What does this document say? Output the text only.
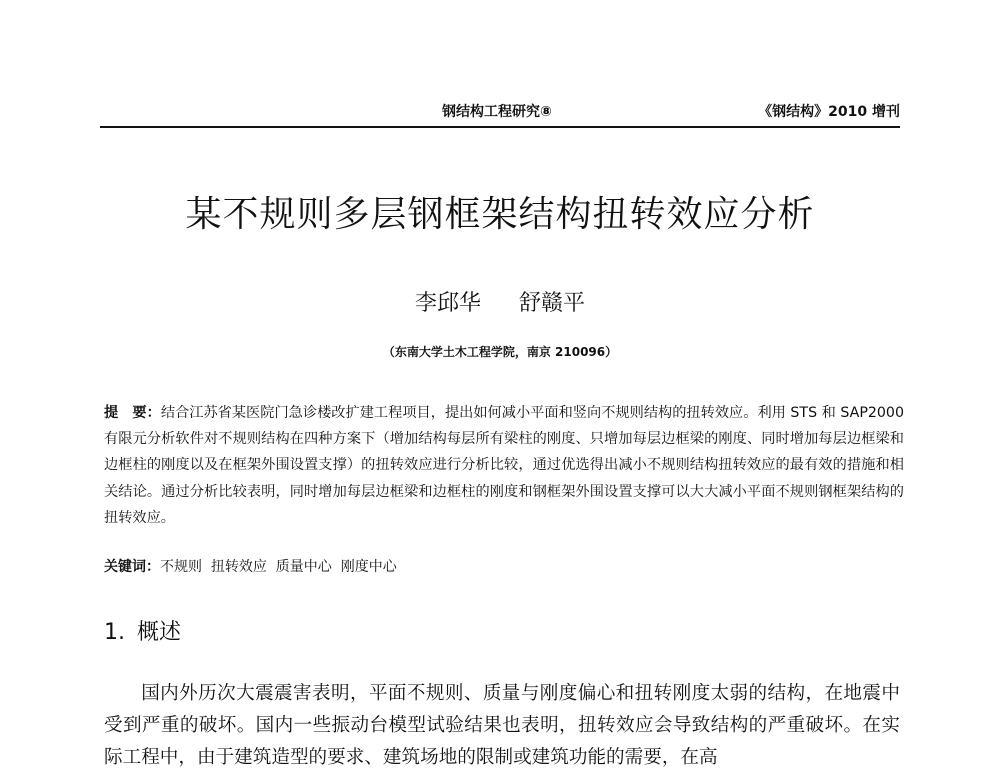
钢结构工程研究⑧	《钢结构》2010 增刊
某不规则多层钢框架结构扭转效应分析
李邱华 舒赣平
（东南大学土木工程学院，南京 210096）
提　要：结合江苏省某医院门急诊楼改扩建工程项目，提出如何减小平面和竖向不规则结构的扭转效应。利用 STS 和 SAP2000 有限元分析软件对不规则结构在四种方案下（增加结构每层所有梁柱的刚度、只增加每层边框梁的刚度、同时增加每层边框梁和边框柱的刚度以及在框架外围设置支撑）的扭转效应进行分析比较，通过优选得出减小不规则结构扭转效应的最有效的措施和相关结论。通过分析比较表明，同时增加每层边框梁和边框柱的刚度和钢框架外围设置支撑可以大大减小平面不规则钢框架结构的扭转效应。
关键词：不规则  扭转效应  质量中心  刚度中心
1. 概述
国内外历次大震震害表明，平面不规则、质量与刚度偏心和扭转刚度太弱的结构，在地震中受到严重的破坏。国内一些振动台模型试验结果也表明，扭转效应会导致结构的严重破坏。在实际工程中，由于建筑造型的要求、建筑场地的限制或建筑功能的需要，在高
